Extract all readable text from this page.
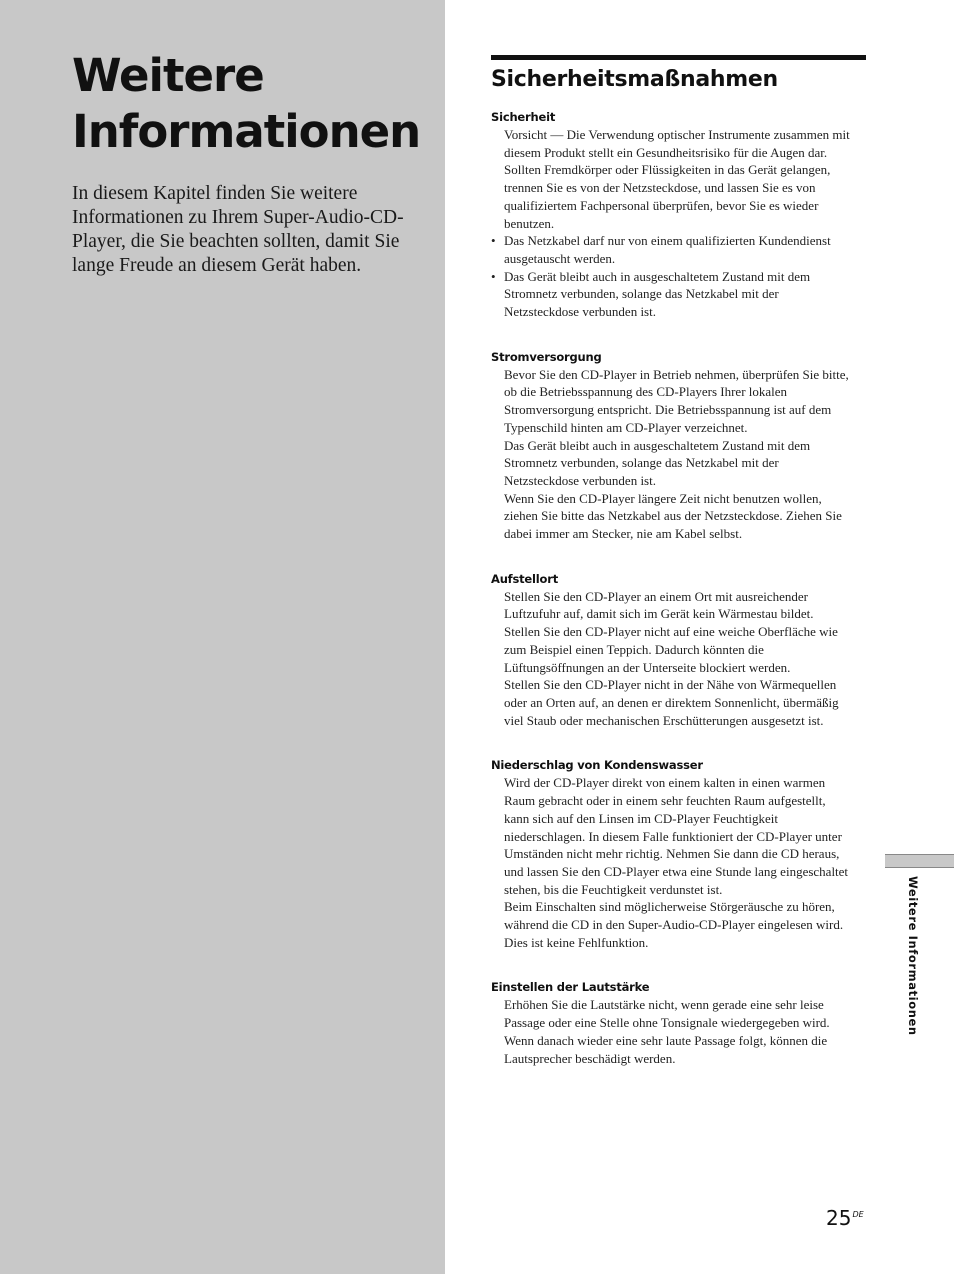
Weitere Informationen

In diesem Kapitel finden Sie weitere Informationen zu Ihrem Super-Audio-CD-Player, die Sie beachten sollten, damit Sie lange Freude an diesem Gerät haben.

Sicherheitsmaßnahmen
Sicherheit

Vorsicht — Die Verwendung optischer Instrumente zusammen mit diesem Produkt stellt ein Gesundheitsrisiko für die Augen dar.

Sollten Fremdkörper oder Flüssigkeiten in das Gerät gelangen, trennen Sie es von der Netzsteckdose, und lassen Sie es von qualifiziertem Fachpersonal überprüfen, bevor Sie es wieder benutzen.

• Das Netzkabel darf nur von einem qualifizierten Kundendienst ausgetauscht werden.
• Das Gerät bleibt auch in ausgeschaltetem Zustand mit dem Stromnetz verbunden, solange das Netzkabel mit der Netzsteckdose verbunden ist.
Stromversorgung

Bevor Sie den CD-Player in Betrieb nehmen, überprüfen Sie bitte, ob die Betriebsspannung des CD-Players Ihrer lokalen Stromversorgung entspricht. Die Betriebsspannung ist auf dem Typenschild hinten am CD-Player verzeichnet.

Das Gerät bleibt auch in ausgeschaltetem Zustand mit dem Stromnetz verbunden, solange das Netzkabel mit der Netzsteckdose verbunden ist.

Wenn Sie den CD-Player längere Zeit nicht benutzen wollen, ziehen Sie bitte das Netzkabel aus der Netzsteckdose. Ziehen Sie dabei immer am Stecker, nie am Kabel selbst.

Aufstellort

Stellen Sie den CD-Player an einem Ort mit ausreichender Luftzufuhr auf, damit sich im Gerät kein Wärmestau bildet.

Stellen Sie den CD-Player nicht auf eine weiche Oberfläche wie zum Beispiel einen Teppich. Dadurch könnten die Lüftungsöffnungen an der Unterseite blockiert werden.

Stellen Sie den CD-Player nicht in der Nähe von Wärmequellen oder an Orten auf, an denen er direktem Sonnenlicht, übermäßig viel Staub oder mechanischen Erschütterungen ausgesetzt ist.

Niederschlag von Kondenswasser

Wird der CD-Player direkt von einem kalten in einen warmen Raum gebracht oder in einem sehr feuchten Raum aufgestellt, kann sich auf den Linsen im CD-Player Feuchtigkeit niederschlagen. In diesem Falle funktioniert der CD-Player unter Umständen nicht mehr richtig. Nehmen Sie dann die CD heraus, und lassen Sie den CD-Player etwa eine Stunde lang eingeschaltet stehen, bis die Feuchtigkeit verdunstet ist.

Beim Einschalten sind möglicherweise Störgeräusche zu hören, während die CD in den Super-Audio-CD-Player eingelesen wird. Dies ist keine Fehlfunktion.

Einstellen der Lautstärke

Erhöhen Sie die Lautstärke nicht, wenn gerade eine sehr leise Passage oder eine Stelle ohne Tonsignale wiedergegeben wird. Wenn danach wieder eine sehr laute Passage folgt, können die Lautsprecher beschädigt werden.

Weitere Informationen
25DE
